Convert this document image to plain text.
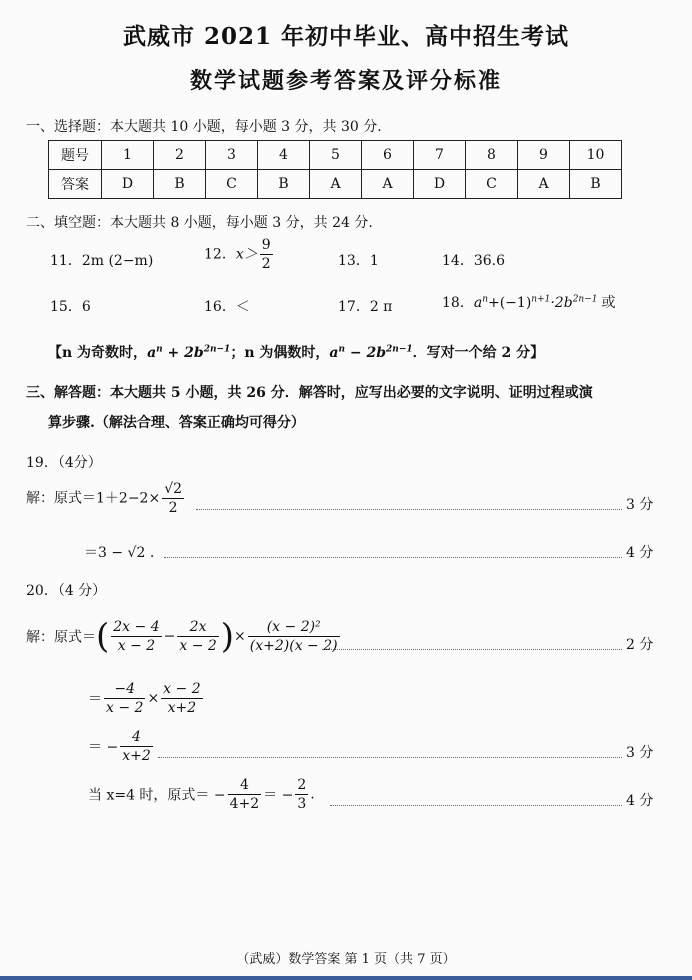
武威市 2021 年初中毕业、高中招生考试
数学试题参考答案及评分标准
一、选择题：本大题共 10 小题，每小题 3 分，共 30 分.
题号	1	2	3	4	5	6	7	8	9	10
答案	D	B	C	B	A	A	D	C	A	B
二、填空题：本大题共 8 小题，每小题 3 分，共 24 分.
11．2m (2−m)	12．$x> \frac{9}{2}$	13．1	14．36.6
15．6	16．＜	17．2 π	18．$a^n+(-1)^{n+1}\cdot 2b^{2n-1}$ 或
【n 为奇数时，$a^n + 2b^{2n-1}$；n 为偶数时，$a^n - 2b^{2n-1}$．写对一个给 2 分】
三、解答题：本大题共 5 小题，共 26 分．解答时，应写出必要的文字说明、证明过程或演
算步骤.（解法合理、答案正确均可得分）
19．（4分）
解：原式$=1+2-2\times \frac{√2}{2}$	3 分
＝3 − √2 .	4 分
20．（4 分）
解：原式＝( $\frac{2x - 4}{x - 2} - \frac{2x}{x - 2}$ )× $\frac{\text{(x − 2)²}}{(x+2)(x - 2)}$	2 分
＝ $\frac{-4}{x - 2} \times \frac{x - 2}{x+2}$
＝ − $\frac{4}{x+2}$	3 分
当 x=4 时，原式＝ − $\frac{4}{4+2}$ ＝ − $\frac{2}{3}$ .	4 分
（武威）数学答案 第 1 页（共 7 页）
